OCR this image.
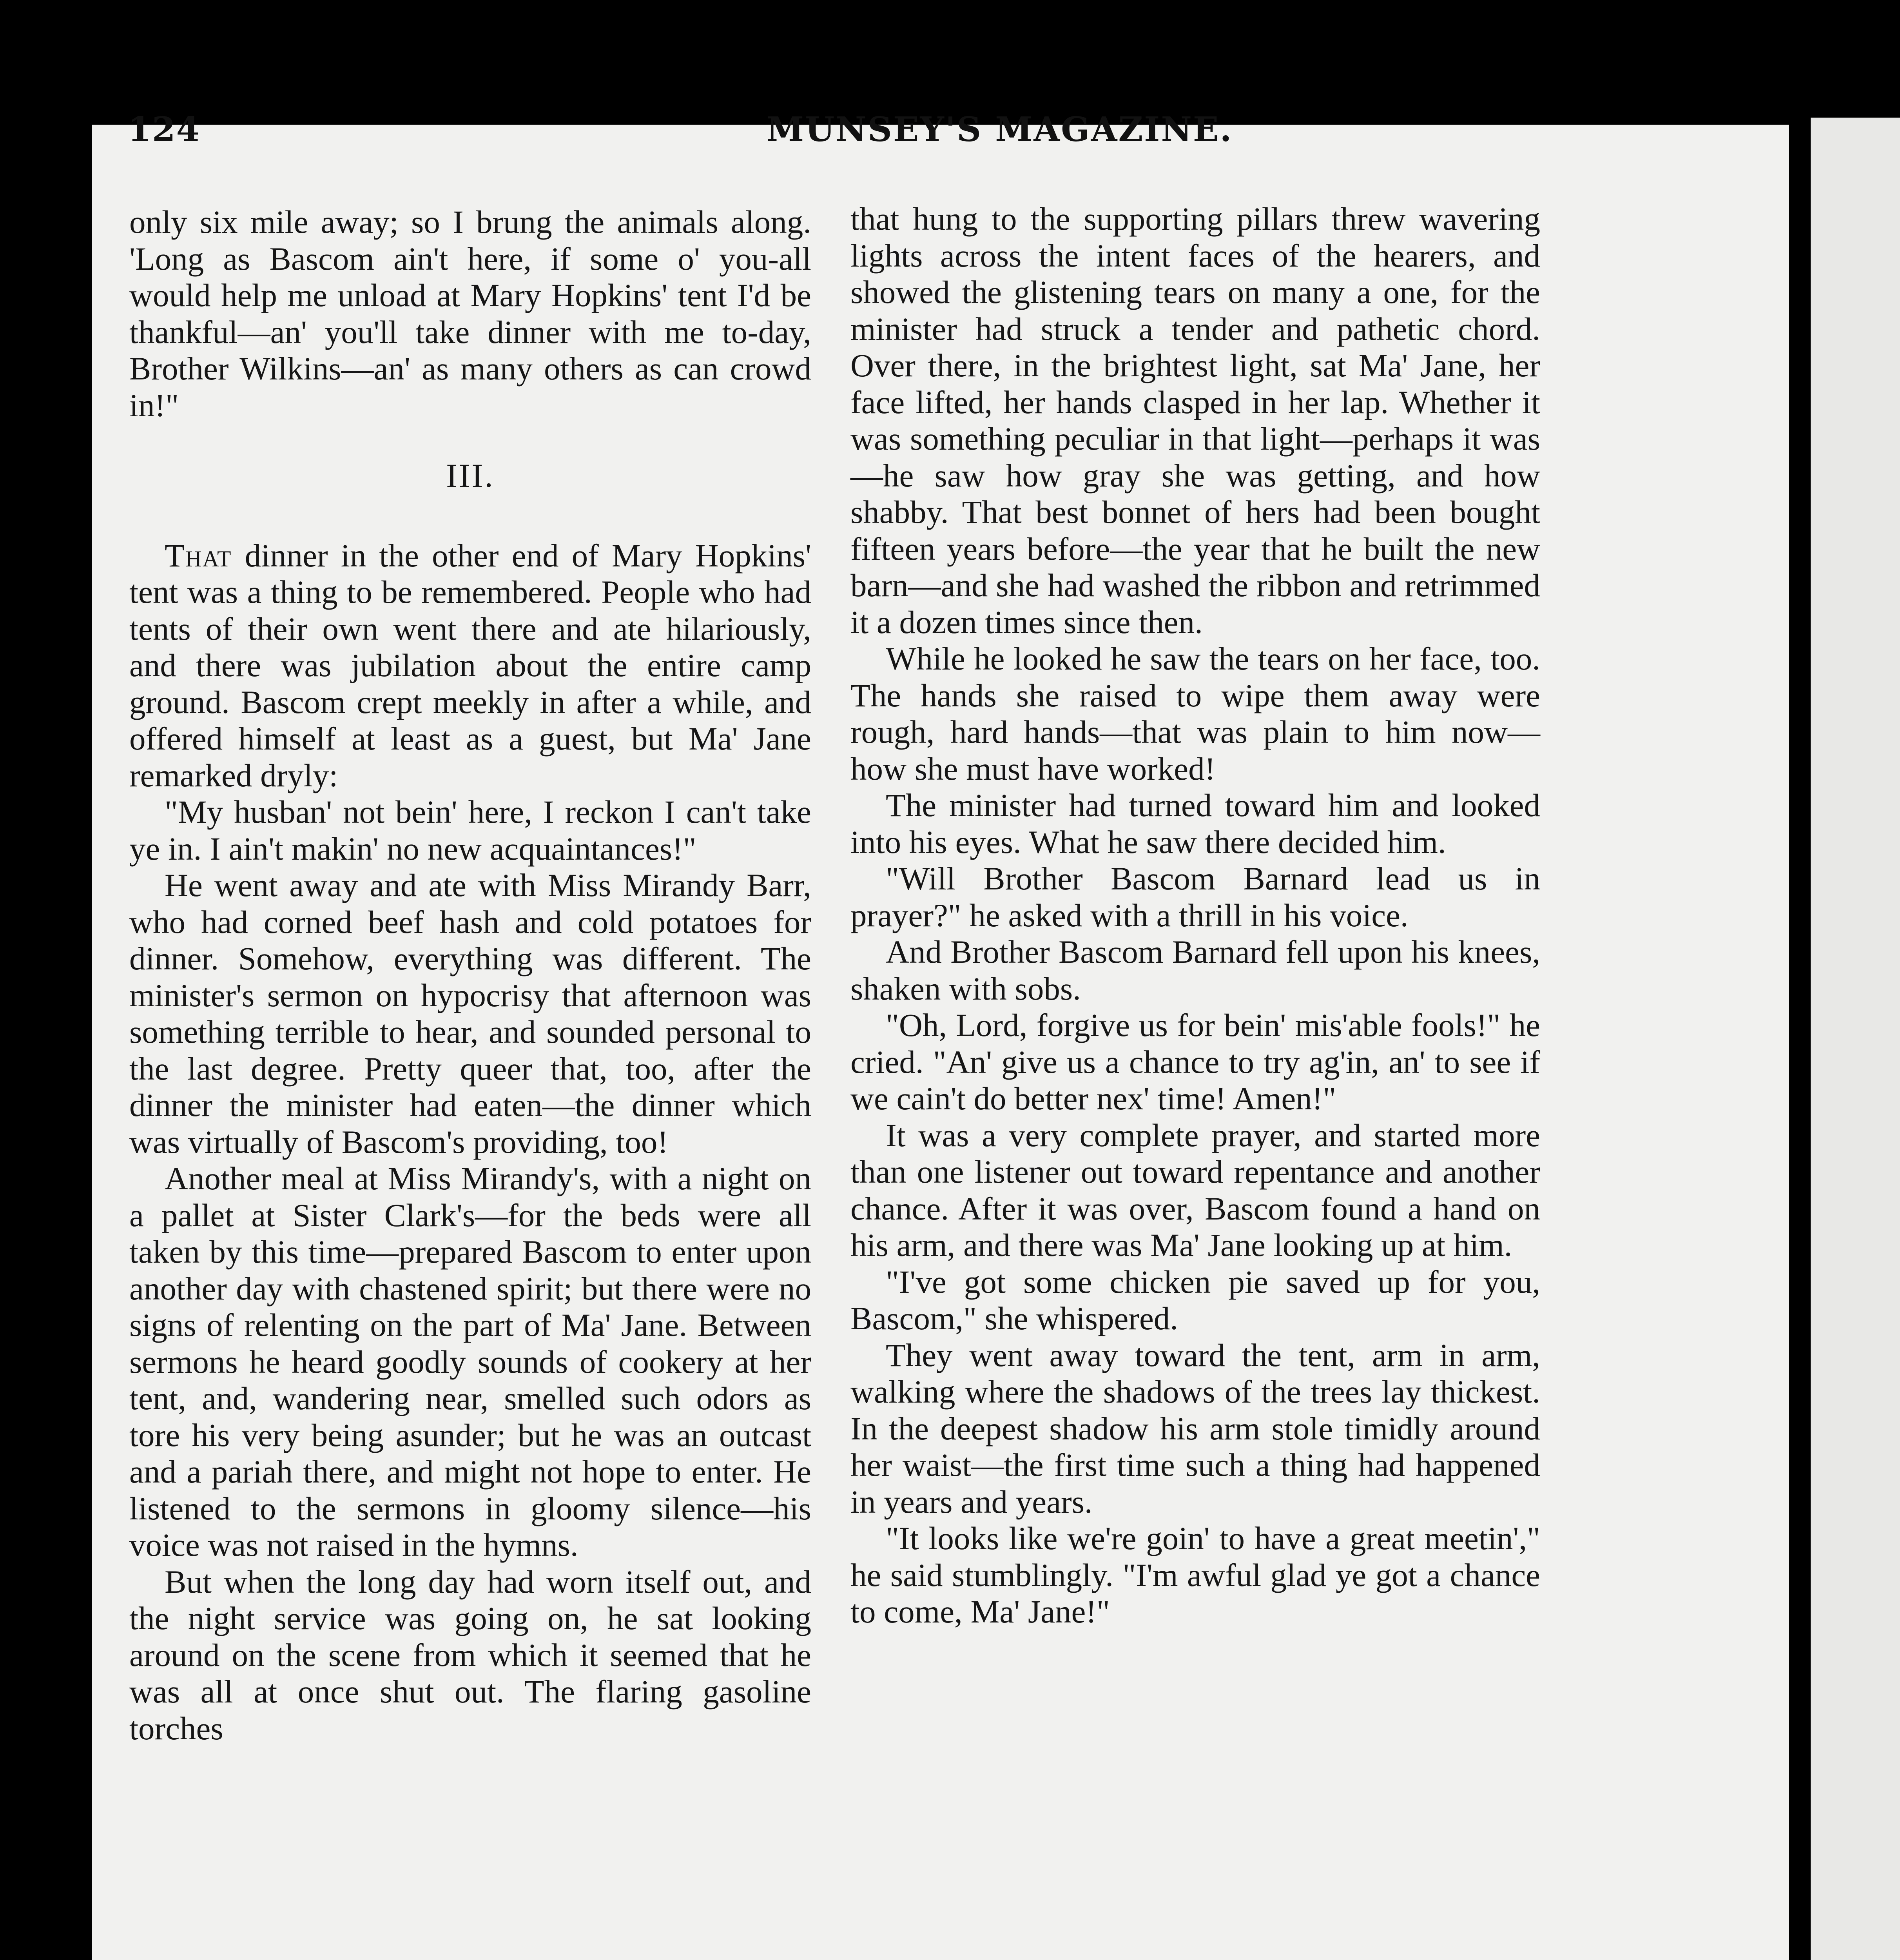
124	MUNSEY'S MAGAZINE.

only six mile away; so I brung the animals along. 'Long as Bascom ain't here, if some o' you-all would help me unload at Mary Hopkins' tent I'd be thankful—an' you'll take dinner with me to-day, Brother Wilkins—an' as many others as can crowd in!"

III.

That dinner in the other end of Mary Hopkins' tent was a thing to be remembered. People who had tents of their own went there and ate hilariously, and there was jubilation about the entire camp ground. Bascom crept meekly in after a while, and offered himself at least as a guest, but Ma' Jane remarked dryly:

"My husban' not bein' here, I reckon I can't take ye in. I ain't makin' no new acquaintances!"

He went away and ate with Miss Mirandy Barr, who had corned beef hash and cold potatoes for dinner. Somehow, everything was different. The minister's sermon on hypocrisy that afternoon was something terrible to hear, and sounded personal to the last degree. Pretty queer that, too, after the dinner the minister had eaten—the dinner which was virtually of Bascom's providing, too!

Another meal at Miss Mirandy's, with a night on a pallet at Sister Clark's—for the beds were all taken by this time—prepared Bascom to enter upon another day with chastened spirit; but there were no signs of relenting on the part of Ma' Jane. Between sermons he heard goodly sounds of cookery at her tent, and, wandering near, smelled such odors as tore his very being asunder; but he was an outcast and a pariah there, and might not hope to enter. He listened to the sermons in gloomy silence—his voice was not raised in the hymns.

But when the long day had worn itself out, and the night service was going on, he sat looking around on the scene from which it seemed that he was all at once shut out. The flaring gasoline torches

that hung to the supporting pillars threw wavering lights across the intent faces of the hearers, and showed the glistening tears on many a one, for the minister had struck a tender and pathetic chord. Over there, in the brightest light, sat Ma' Jane, her face lifted, her hands clasped in her lap. Whether it was something peculiar in that light—perhaps it was—he saw how gray she was getting, and how shabby. That best bonnet of hers had been bought fifteen years before—the year that he built the new barn—and she had washed the ribbon and retrimmed it a dozen times since then.

While he looked he saw the tears on her face, too. The hands she raised to wipe them away were rough, hard hands—that was plain to him now—how she must have worked!

The minister had turned toward him and looked into his eyes. What he saw there decided him.

"Will Brother Bascom Barnard lead us in prayer?" he asked with a thrill in his voice.

And Brother Bascom Barnard fell upon his knees, shaken with sobs.

"Oh, Lord, forgive us for bein' mis'able fools!" he cried. "An' give us a chance to try ag'in, an' to see if we cain't do better nex' time! Amen!"

It was a very complete prayer, and started more than one listener out toward repentance and another chance. After it was over, Bascom found a hand on his arm, and there was Ma' Jane looking up at him.

"I've got some chicken pie saved up for you, Bascom," she whispered.

They went away toward the tent, arm in arm, walking where the shadows of the trees lay thickest. In the deepest shadow his arm stole timidly around her waist—the first time such a thing had happened in years and years.

"It looks like we're goin' to have a great meetin'," he said stumblingly. "I'm awful glad ye got a chance to come, Ma' Jane!"
